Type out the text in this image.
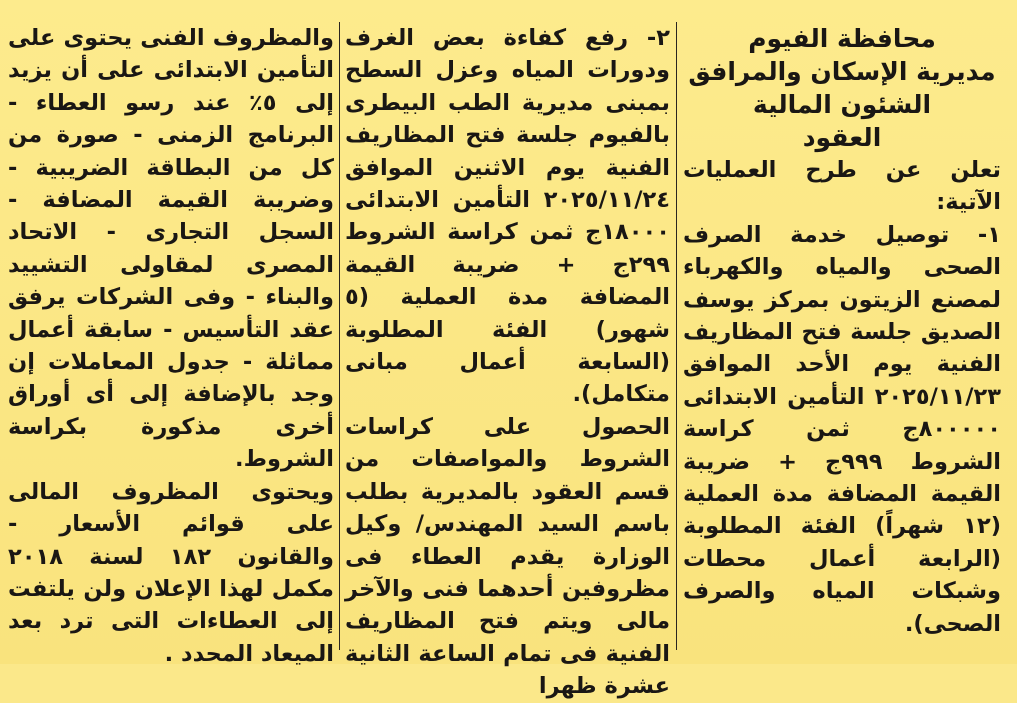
محافظة الفيوم

مديرية الإسكان والمرافق

الشئون المالية

العقود

تعلن عن طرح العمليات الآتية:

١- توصيل خدمة الصرف الصحى والمياه والكهرباء لمصنع الزيتون بمركز يوسف الصديق جلسة فتح المظاريف الفنية يوم الأحد الموافق ٢٠٢٥/١١/٢٣ التأمين الابتدائى ٨٠٠٠٠٠ج ثمن كراسة الشروط ٩٩٩ج + ضريبة القيمة المضافة مدة العملية (١٢ شهراً) الفئة المطلوبة (الرابعة أعمال محطات وشبكات المياه والصرف الصحى).

٢- رفع كفاءة بعض الغرف ودورات المياه وعزل السطح بمبنى مديرية الطب البيطرى بالفيوم جلسة فتح المظاريف الفنية يوم الاثنين الموافق ٢٠٢٥/١١/٢٤ التأمين الابتدائى ١٨٠٠٠ج ثمن كراسة الشروط ٢٩٩ج + ضريبة القيمة المضافة مدة العملية (٥ شهور) الفئة المطلوبة (السابعة أعمال مبانى متكامل).

الحصول على كراسات الشروط والمواصفات من قسم العقود بالمديرية بطلب باسم السيد المهندس/ وكيل الوزارة يقدم العطاء فى مظروفين أحدهما فنى والآخر مالى ويتم فتح المظاريف الفنية فى تمام الساعة الثانية عشرة ظهرا

والمظروف الفنى يحتوى على التأمين الابتدائى على أن يزيد إلى ٥٪ عند رسو العطاء - البرنامج الزمنى - صورة من كل من البطاقة الضريبية - وضريبة القيمة المضافة - السجل التجارى - الاتحاد المصرى لمقاولى التشييد والبناء - وفى الشركات يرفق عقد التأسيس - سابقة أعمال مماثلة - جدول المعاملات إن وجد بالإضافة إلى أى أوراق أخرى مذكورة بكراسة الشروط.

ويحتوى المظروف المالى على قوائم الأسعار - والقانون ١٨٢ لسنة ٢٠١٨ مكمل لهذا الإعلان ولن يلتفت إلى العطاءات التى ترد بعد الميعاد المحدد .
